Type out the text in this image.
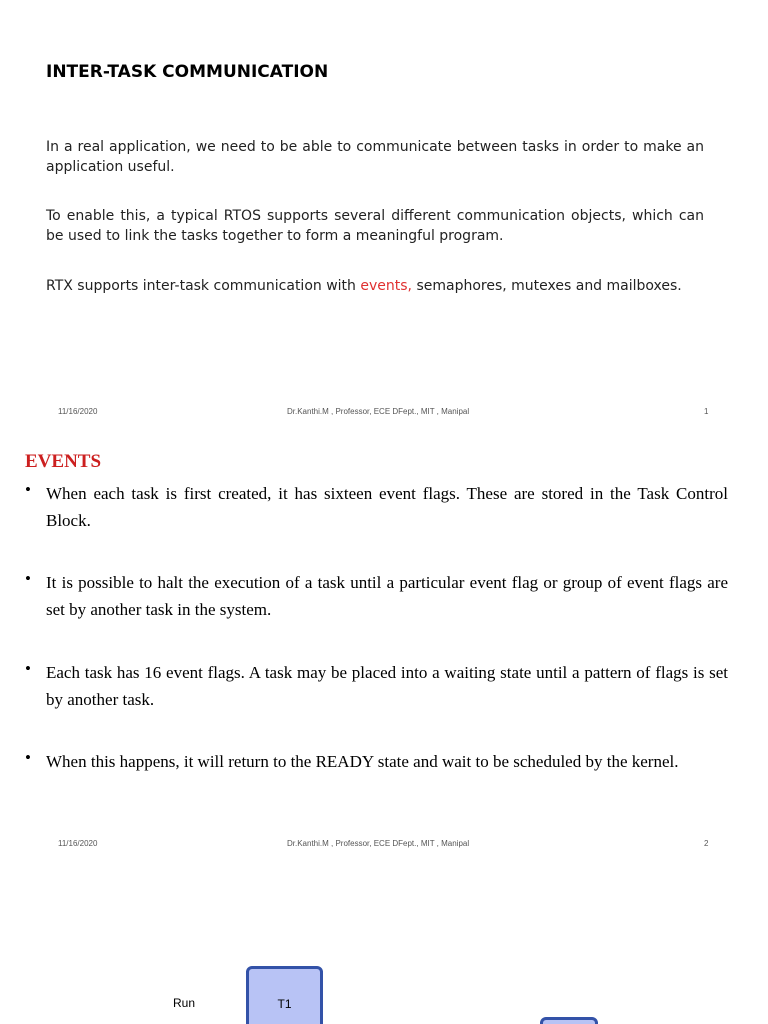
INTER-TASK COMMUNICATION

In a real application, we need to be able to communicate between tasks in order to make an application useful.

To enable this, a typical RTOS supports several different communication objects, which can be used to link the tasks together to form a meaningful program.

RTX supports inter-task communication with events, semaphores, mutexes and mailboxes.

11/16/2020	Dr.Kanthi.M , Professor, ECE DFept., MIT , Manipal	1
EVENTS
• When each task is first created, it has sixteen event flags. These are stored in the Task Control Block.

• It is possible to halt the execution of a task until a particular event flag or group of event flags are set by another task in the system.

• Each task has 16 event flags. A task may be placed into a waiting state until a pattern of flags is set by another task.

• When this happens, it will return to the READY state and wait to be scheduled by the kernel.

11/16/2020	Dr.Kanthi.M , Professor, ECE DFept., MIT , Manipal	2
Run	T1
